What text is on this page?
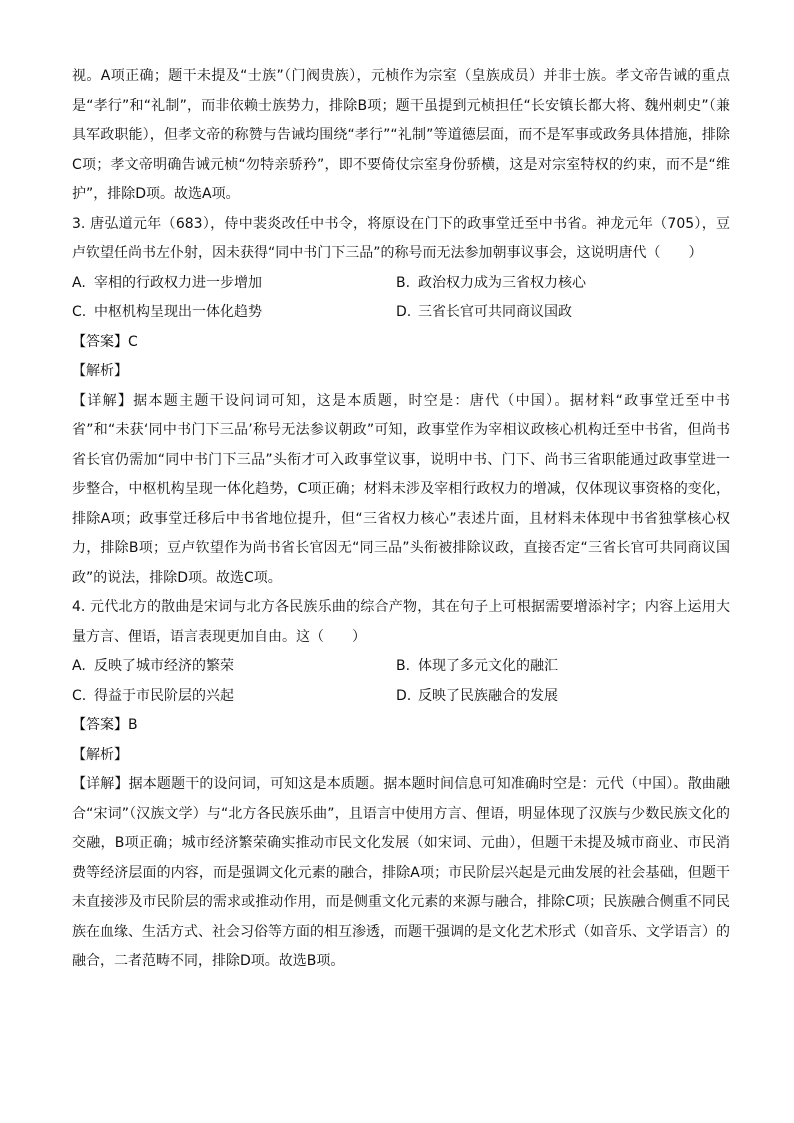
视。A项正确；题干未提及“士族”（门阀贵族），元桢作为宗室（皇族成员）并非士族。孝文帝告诫的重点是“孝行”和“礼制”，而非依赖士族势力，排除B项；题干虽提到元桢担任“长安镇长都大将、魏州刺史”（兼具军政职能），但孝文帝的称赞与告诫均围绕“孝行”“礼制”等道德层面，而不是军事或政务具体措施，排除C项；孝文帝明确告诫元桢“勿特亲骄矜”，即不要倚仗宗室身份骄横，这是对宗室特权的约束，而不是“维护”，排除D项。故选A项。

3. 唐弘道元年（683），侍中裴炎改任中书令，将原设在门下的政事堂迁至中书省。神龙元年（705），豆卢钦望任尚书左仆射，因未获得“同中书门下三品”的称号而无法参加朝事议事会，这说明唐代（　　）

A. 宰相的行政权力进一步增加	B. 政治权力成为三省权力核心
C. 中枢机构呈现出一体化趋势	D. 三省长官可共同商议国政

【答案】C

【解析】

【详解】据本题主题干设问词可知，这是本质题，时空是：唐代（中国）。据材料“政事堂迁至中书省”和“未获‘同中书门下三品’称号无法参议朝政”可知，政事堂作为宰相议政核心机构迁至中书省，但尚书省长官仍需加“同中书门下三品”头衔才可入政事堂议事，说明中书、门下、尚书三省职能通过政事堂进一步整合，中枢机构呈现一体化趋势，C项正确；材料未涉及宰相行政权力的增减，仅体现议事资格的变化，排除A项；政事堂迁移后中书省地位提升，但“三省权力核心”表述片面，且材料未体现中书省独掌核心权力，排除B项；豆卢钦望作为尚书省长官因无“同三品”头衔被排除议政，直接否定“三省长官可共同商议国政”的说法，排除D项。故选C项。

4. 元代北方的散曲是宋词与北方各民族乐曲的综合产物，其在句子上可根据需要增添衬字；内容上运用大量方言、俚语，语言表现更加自由。这（　　）

A. 反映了城市经济的繁荣	B. 体现了多元文化的融汇
C. 得益于市民阶层的兴起	D. 反映了民族融合的发展

【答案】B

【解析】

【详解】据本题题干的设问词，可知这是本质题。据本题时间信息可知准确时空是：元代（中国）。散曲融合“宋词”（汉族文学）与“北方各民族乐曲”，且语言中使用方言、俚语，明显体现了汉族与少数民族文化的交融，B项正确；城市经济繁荣确实推动市民文化发展（如宋词、元曲），但题干未提及城市商业、市民消费等经济层面的内容，而是强调文化元素的融合，排除A项；市民阶层兴起是元曲发展的社会基础，但题干未直接涉及市民阶层的需求或推动作用，而是侧重文化元素的来源与融合，排除C项；民族融合侧重不同民族在血缘、生活方式、社会习俗等方面的相互渗透，而题干强调的是文化艺术形式（如音乐、文学语言）的融合，二者范畴不同，排除D项。故选B项。
